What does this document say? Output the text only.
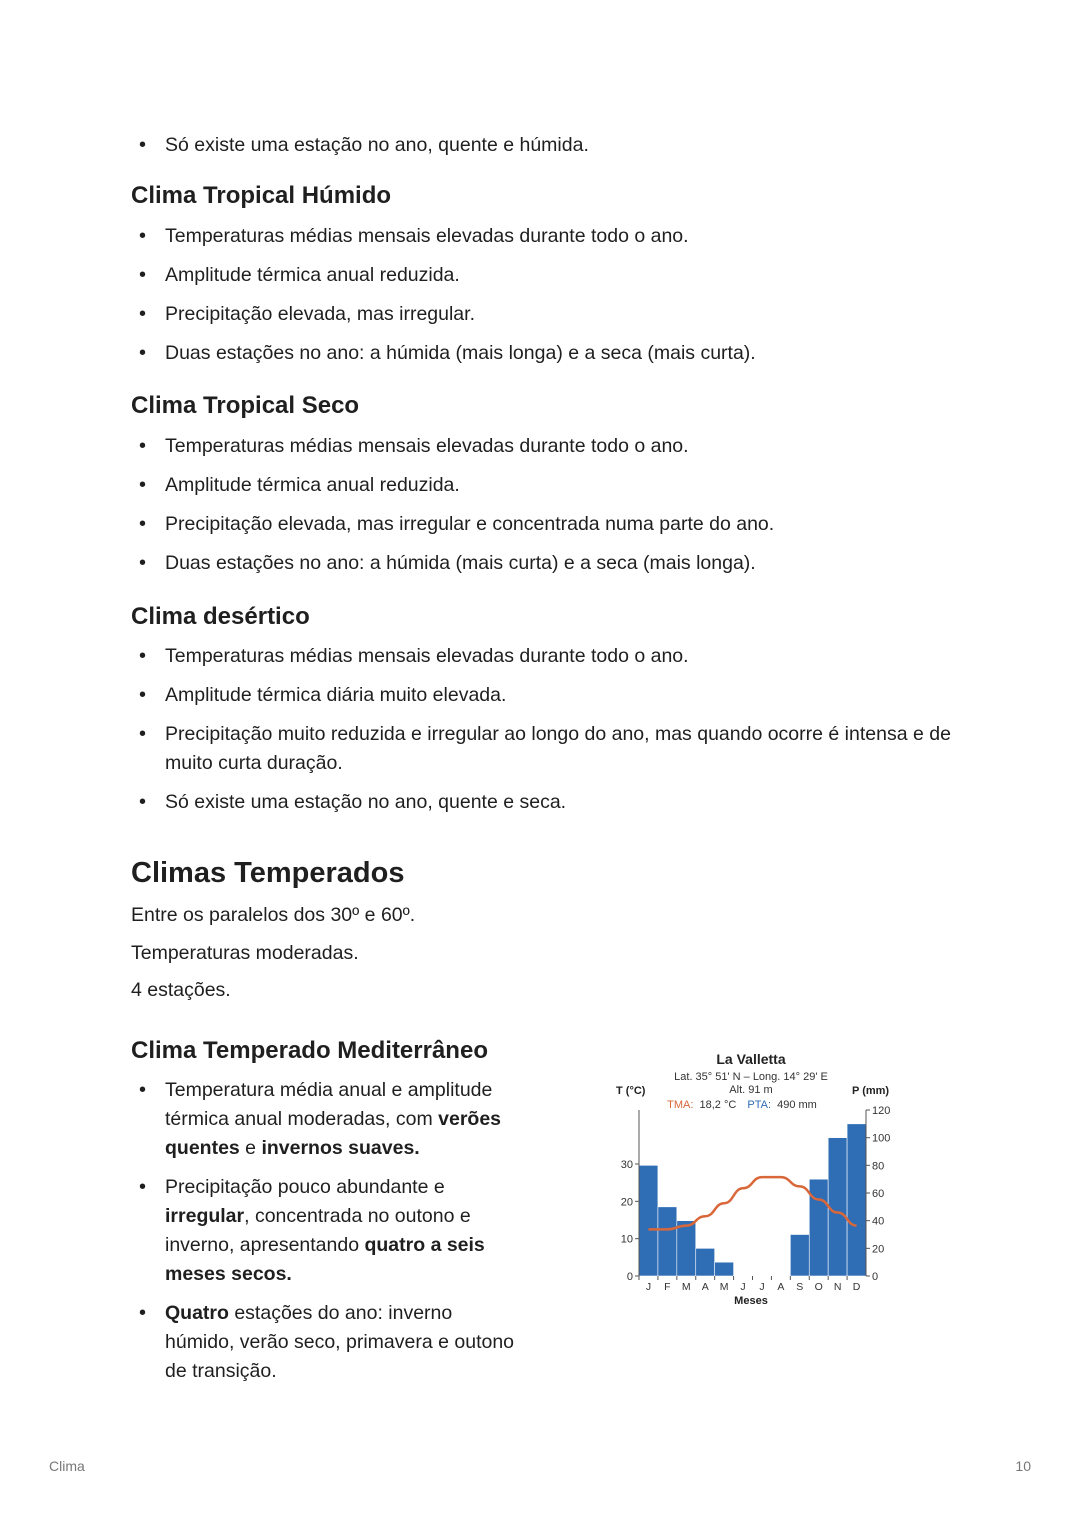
• Só existe uma estação no ano, quente e húmida.
Clima Tropical Húmido
• Temperaturas médias mensais elevadas durante todo o ano.
• Amplitude térmica anual reduzida.
• Precipitação elevada, mas irregular.
• Duas estações no ano: a húmida (mais longa) e a seca (mais curta).
Clima Tropical Seco
• Temperaturas médias mensais elevadas durante todo o ano.
• Amplitude térmica anual reduzida.
• Precipitação elevada, mas irregular e concentrada numa parte do ano.
• Duas estações no ano: a húmida (mais curta) e a seca (mais longa).
Clima desértico
• Temperaturas médias mensais elevadas durante todo o ano.
• Amplitude térmica diária muito elevada.
• Precipitação muito reduzida e irregular ao longo do ano, mas quando ocorre é intensa e de muito curta duração.
• Só existe uma estação no ano, quente e seca.
Climas Temperados

Entre os paralelos dos 30º e 60º.

Temperaturas moderadas.

4 estações.

Clima Temperado Mediterrâneo
• Temperatura média anual e amplitude térmica anual moderadas, com verões quentes e invernos suaves.
• Precipitação pouco abundante e irregular, concentrada no outono e inverno, apresentando quatro a seis meses secos.
• Quatro estações do ano: inverno húmido, verão seco, primavera e outono de transição.
La Valletta
Lat. 35° 51' N – Long. 14° 29' E
Alt. 91 m
TMA: 18,2 °C PTA: 490 mm
T (°C)	P (mm)
Meses
30
20
10
0
120
100
80
60
40
20
0
J F M A M J J A S O N D
Clima	10
